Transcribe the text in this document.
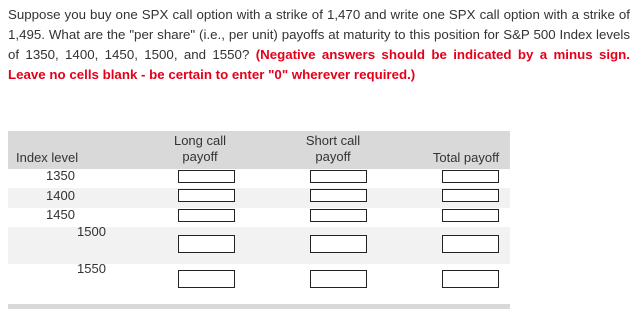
Suppose you buy one SPX call option with a strike of 1,470 and write one SPX call option with a strike of 1,495. What are the "per share" (i.e., per unit) payoffs at maturity to this position for S&P 500 Index levels of 1350, 1400, 1450, 1500, and 1550? (Negative answers should be indicated by a minus sign. Leave no cells blank - be certain to enter "0" wherever required.)
Index level
Long call payoff
Short call payoff	Total payoff
1350
1400
1450
1500
1550
